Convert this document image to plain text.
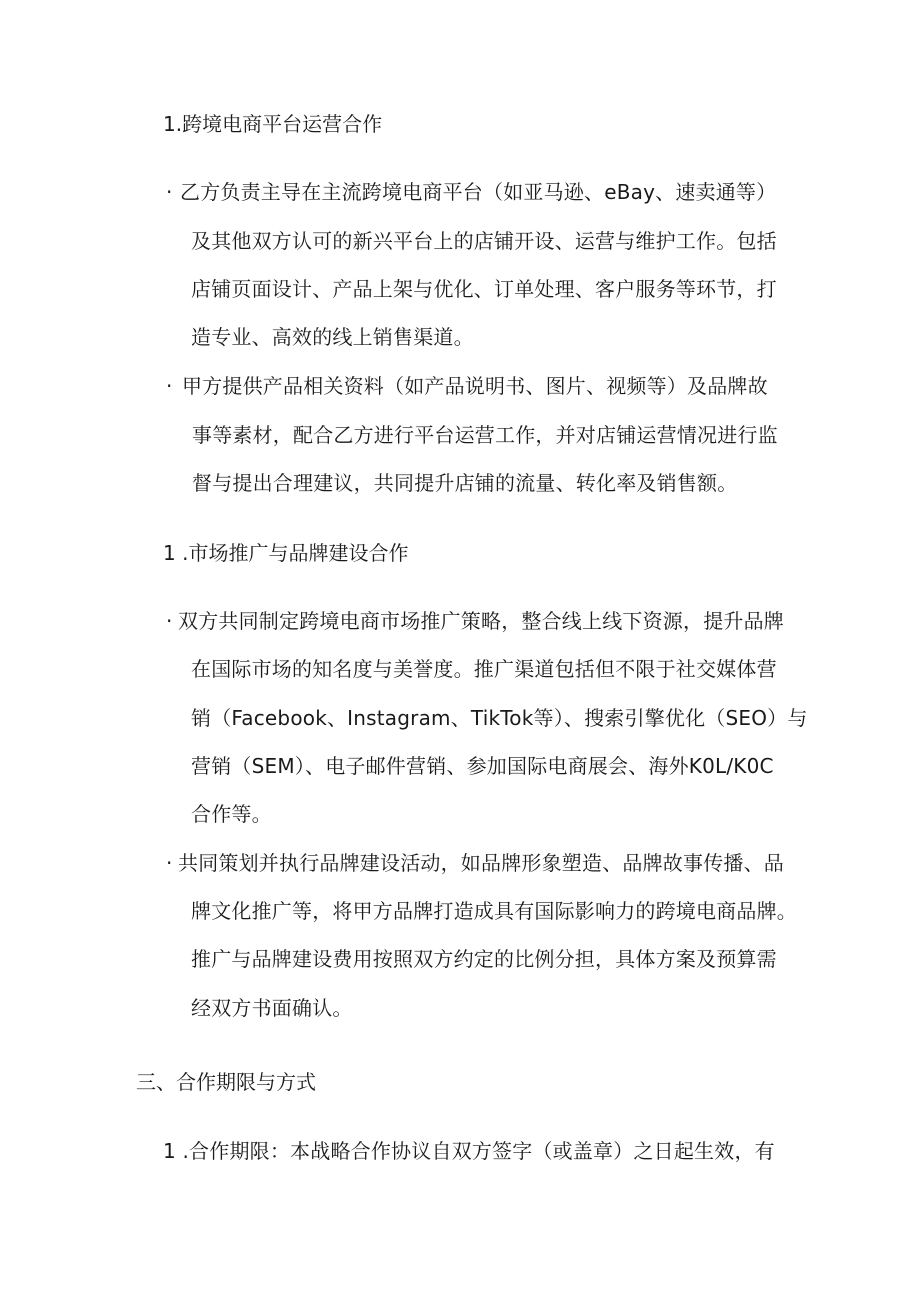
1.跨境电商平台运营合作
· 乙方负责主导在主流跨境电商平台（如亚马逊、eBay、速卖通等）
及其他双方认可的新兴平台上的店铺开设、运营与维护工作。包括
店铺页面设计、产品上架与优化、订单处理、客户服务等环节，打
造专业、高效的线上销售渠道。
· 甲方提供产品相关资料（如产品说明书、图片、视频等）及品牌故
事等素材，配合乙方进行平台运营工作，并对店铺运营情况进行监
督与提出合理建议，共同提升店铺的流量、转化率及销售额。
1 .市场推广与品牌建设合作
· 双方共同制定跨境电商市场推广策略，整合线上线下资源，提升品牌
在国际市场的知名度与美誉度。推广渠道包括但不限于社交媒体营
销（Facebook、Instagram、TikTok等）、搜索引擎优化（SEO）与
营销（SEM）、电子邮件营销、参加国际电商展会、海外K0L/K0C
合作等。
· 共同策划并执行品牌建设活动，如品牌形象塑造、品牌故事传播、品
牌文化推广等，将甲方品牌打造成具有国际影响力的跨境电商品牌。
推广与品牌建设费用按照双方约定的比例分担，具体方案及预算需
经双方书面确认。
三、合作期限与方式
1 .合作期限：本战略合作协议自双方签字（或盖章）之日起生效，有
